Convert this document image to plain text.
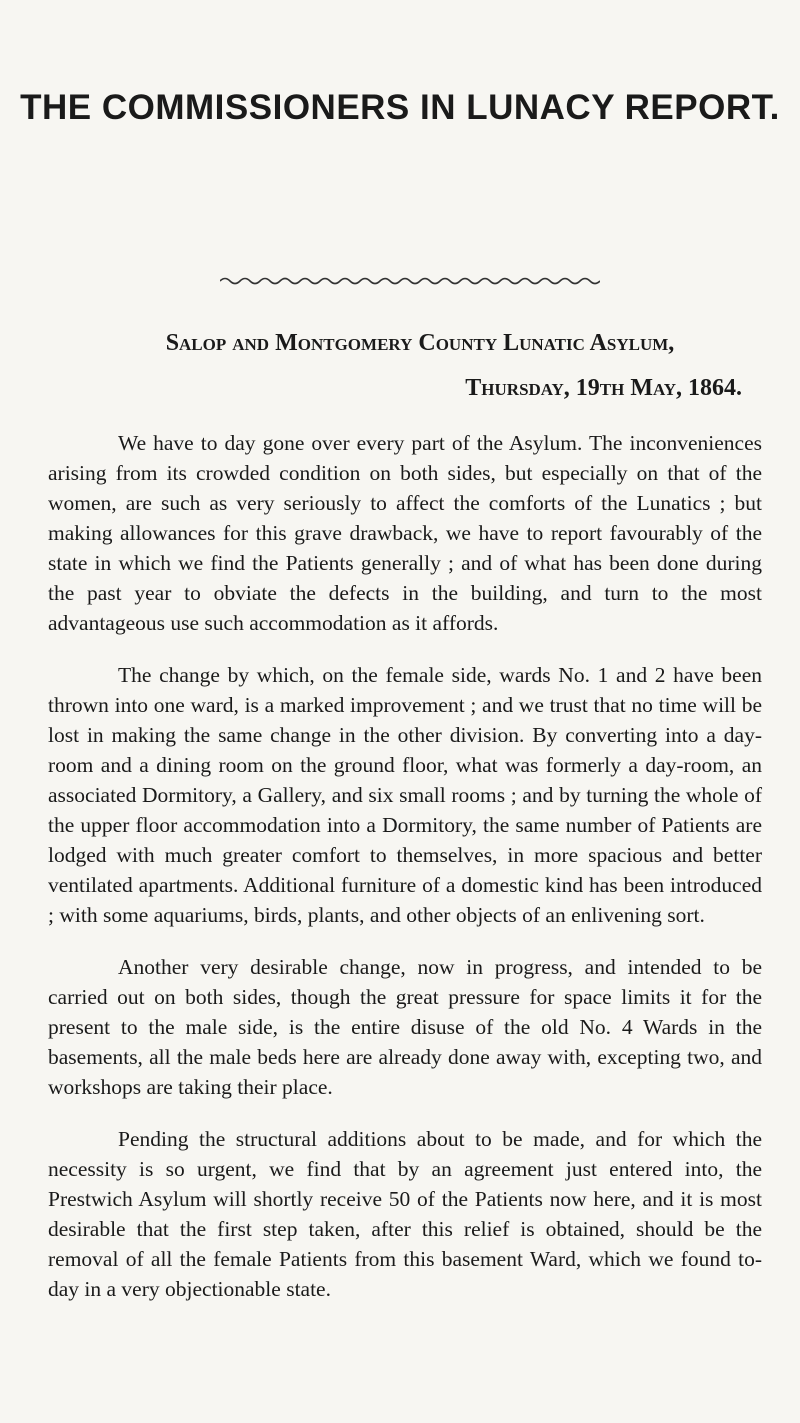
THE COMMISSIONERS IN LUNACY REPORT.
Salop and Montgomery County Lunatic Asylum,
Thursday, 19th May, 1864.

We have to day gone over every part of the Asylum. The inconveniences arising from its crowded condition on both sides, but especially on that of the women, are such as very seriously to affect the comforts of the Lunatics ; but making allowances for this grave drawback, we have to report favourably of the state in which we find the Patients generally ; and of what has been done during the past year to obviate the defects in the building, and turn to the most advantageous use such accommodation as it affords.

The change by which, on the female side, wards No. 1 and 2 have been thrown into one ward, is a marked improvement ; and we trust that no time will be lost in making the same change in the other division. By converting into a day-room and a dining room on the ground floor, what was formerly a day-room, an associated Dormitory, a Gallery, and six small rooms ; and by turning the whole of the upper floor accommodation into a Dormitory, the same number of Patients are lodged with much greater comfort to themselves, in more spacious and better ventilated apartments. Additional furniture of a domestic kind has been introduced ; with some aquariums, birds, plants, and other objects of an enlivening sort.

Another very desirable change, now in progress, and intended to be carried out on both sides, though the great pressure for space limits it for the present to the male side, is the entire disuse of the old No. 4 Wards in the basements, all the male beds here are already done away with, excepting two, and workshops are taking their place.

Pending the structural additions about to be made, and for which the necessity is so urgent, we find that by an agreement just entered into, the Prestwich Asylum will shortly receive 50 of the Patients now here, and it is most desirable that the first step taken, after this relief is obtained, should be the removal of all the female Patients from this basement Ward, which we found to-day in a very objectionable state.
